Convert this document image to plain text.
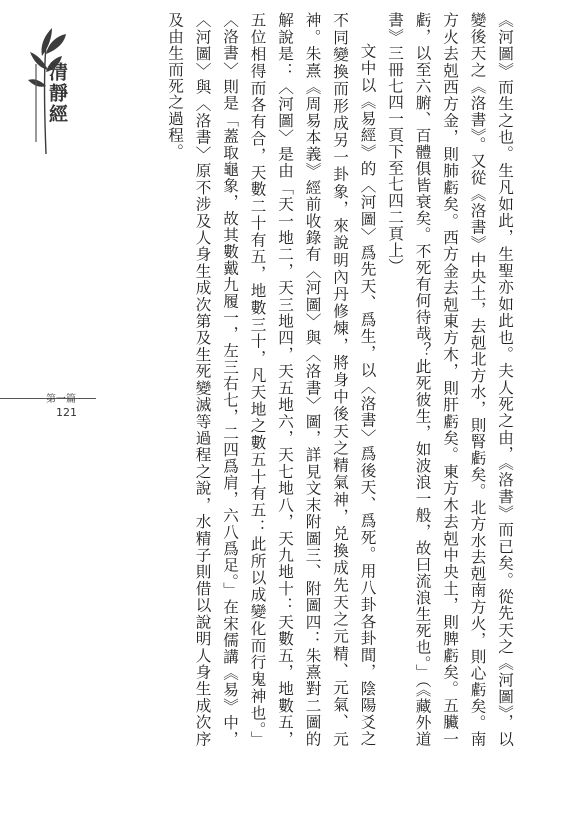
清靜經
第一篇
121	《河圖》而生之也。生凡如此，生聖亦如此也。夫人死之由，《洛書》而已矣。從先天之《河圖》，以變後天之《洛書》。又從《洛書》中央土，去剋北方水，則腎虧矣。北方水去剋南方火，則心虧矣。南方火去剋西方金，則肺虧矣。西方金去剋東方木，則肝虧矣。東方木去剋中央土，則脾虧矣。五臟一虧，以至六腑、百體俱皆衰矣。不死有何待哉？此死彼生，如波浪一般，故曰流浪生死也。」（《藏外道書》三冊七四一頁下至七四二頁上）

文中以《易經》的〈河圖〉爲先天、爲生，以〈洛書〉爲後天、爲死。用八卦各卦間，陰陽爻之不同變換而形成另一卦象，來說明內丹修煉，將身中後天之精氣神，兑換成先天之元精、元氣、元神。朱熹《周易本義》經前收錄有〈河圖〉與〈洛書〉圖，詳見文末附圖三、附圖四：朱熹對二圖的解說是：〈河圖〉是由「天一地二，天三地四，天五地六，天七地八，天九地十：天數五，地數五，五位相得而各有合，天數二十有五，地數三十，凡天地之數五十有五：此所以成變化而行鬼神也。」〈洛書〉則是「蓋取龜象，故其數戴九履一，左三右七，二四爲肩，六八爲足。」在宋儒講《易》中，〈河圖〉與〈洛書〉原不涉及人身生成次第及生死變滅等過程之說，水精子則借以說明人身生成次序及由生而死之過程。
